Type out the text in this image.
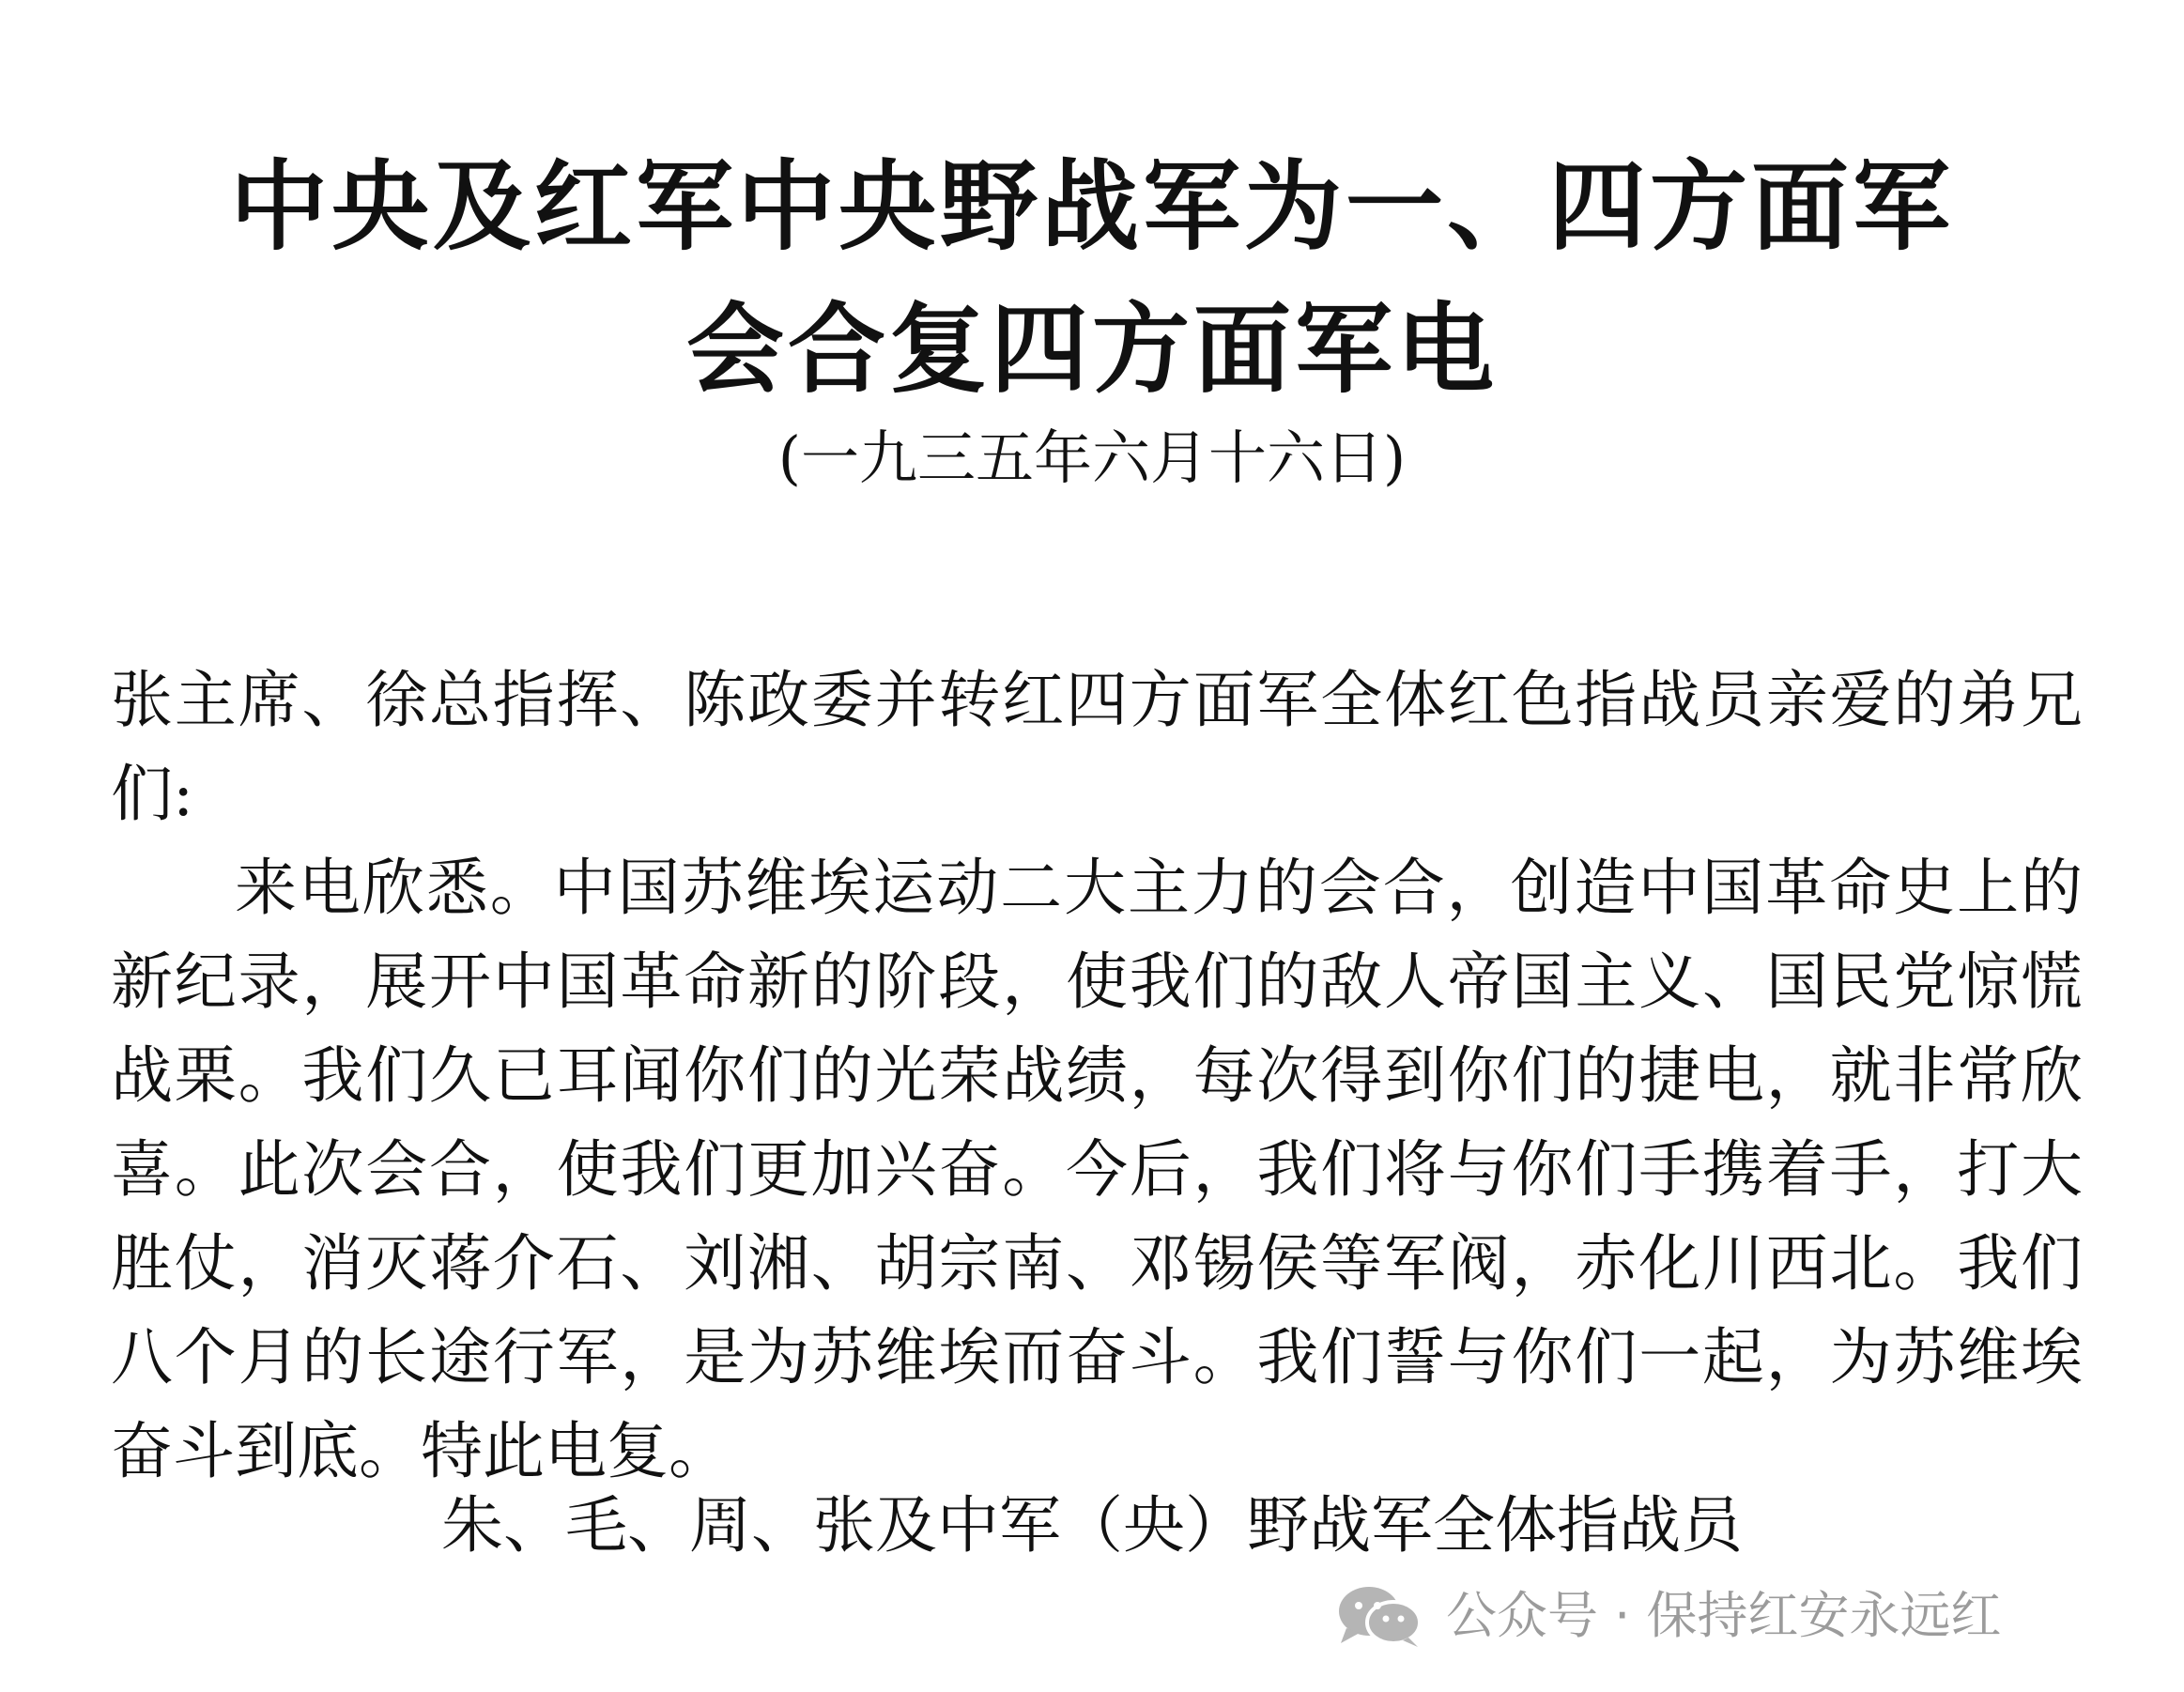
中央及红军中央野战军为一、四方面军
会合复四方面军电
(一九三五年六月十六日)

张主席、徐总指挥、陈政委并转红四方面军全体红色指战员亲爱的弟兄们:

来电欣悉。中国苏维埃运动二大主力的会合，创造中国革命史上的新纪录，展开中国革命新的阶段，使我们的敌人帝国主义、国民党惊慌战栗。我们久已耳闻你们的光荣战绩，每次得到你们的捷电，就非常欣喜。此次会合，使我们更加兴奋。今后，我们将与你们手携着手，打大胜仗，消灭蒋介石、刘湘、胡宗南、邓锡侯等军阀，赤化川西北。我们八个月的长途行军，是为苏维埃而奋斗。我们誓与你们一起，为苏维埃奋斗到底。特此电复。

朱、毛、周、张及中军（央）野战军全体指战员
公众号 · 保持红安永远红
